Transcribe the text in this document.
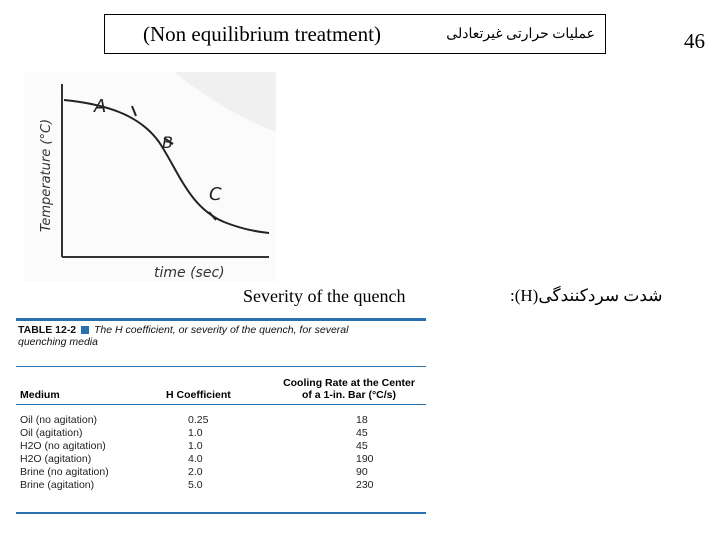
(Non equilibrium treatment)	عملیات حرارتی غیرتعادلی	46
A
B
C
Temperature (°C)
time (sec)
Severity of the quench	شدت سردکنندگی(H):
TABLE 12-2 The H coefficient, or severity of the quench, for several
quenching media
Medium	H Coefficient
Cooling Rate at the Center
of a 1-in. Bar (°C/s)
Oil (no agitation)	0.25	18
Oil (agitation)	1.0	45
H2O (no agitation)	1.0	45
H2O (agitation)	4.0	190
Brine (no agitation)	2.0	90
Brine (agitation)	5.0	230
